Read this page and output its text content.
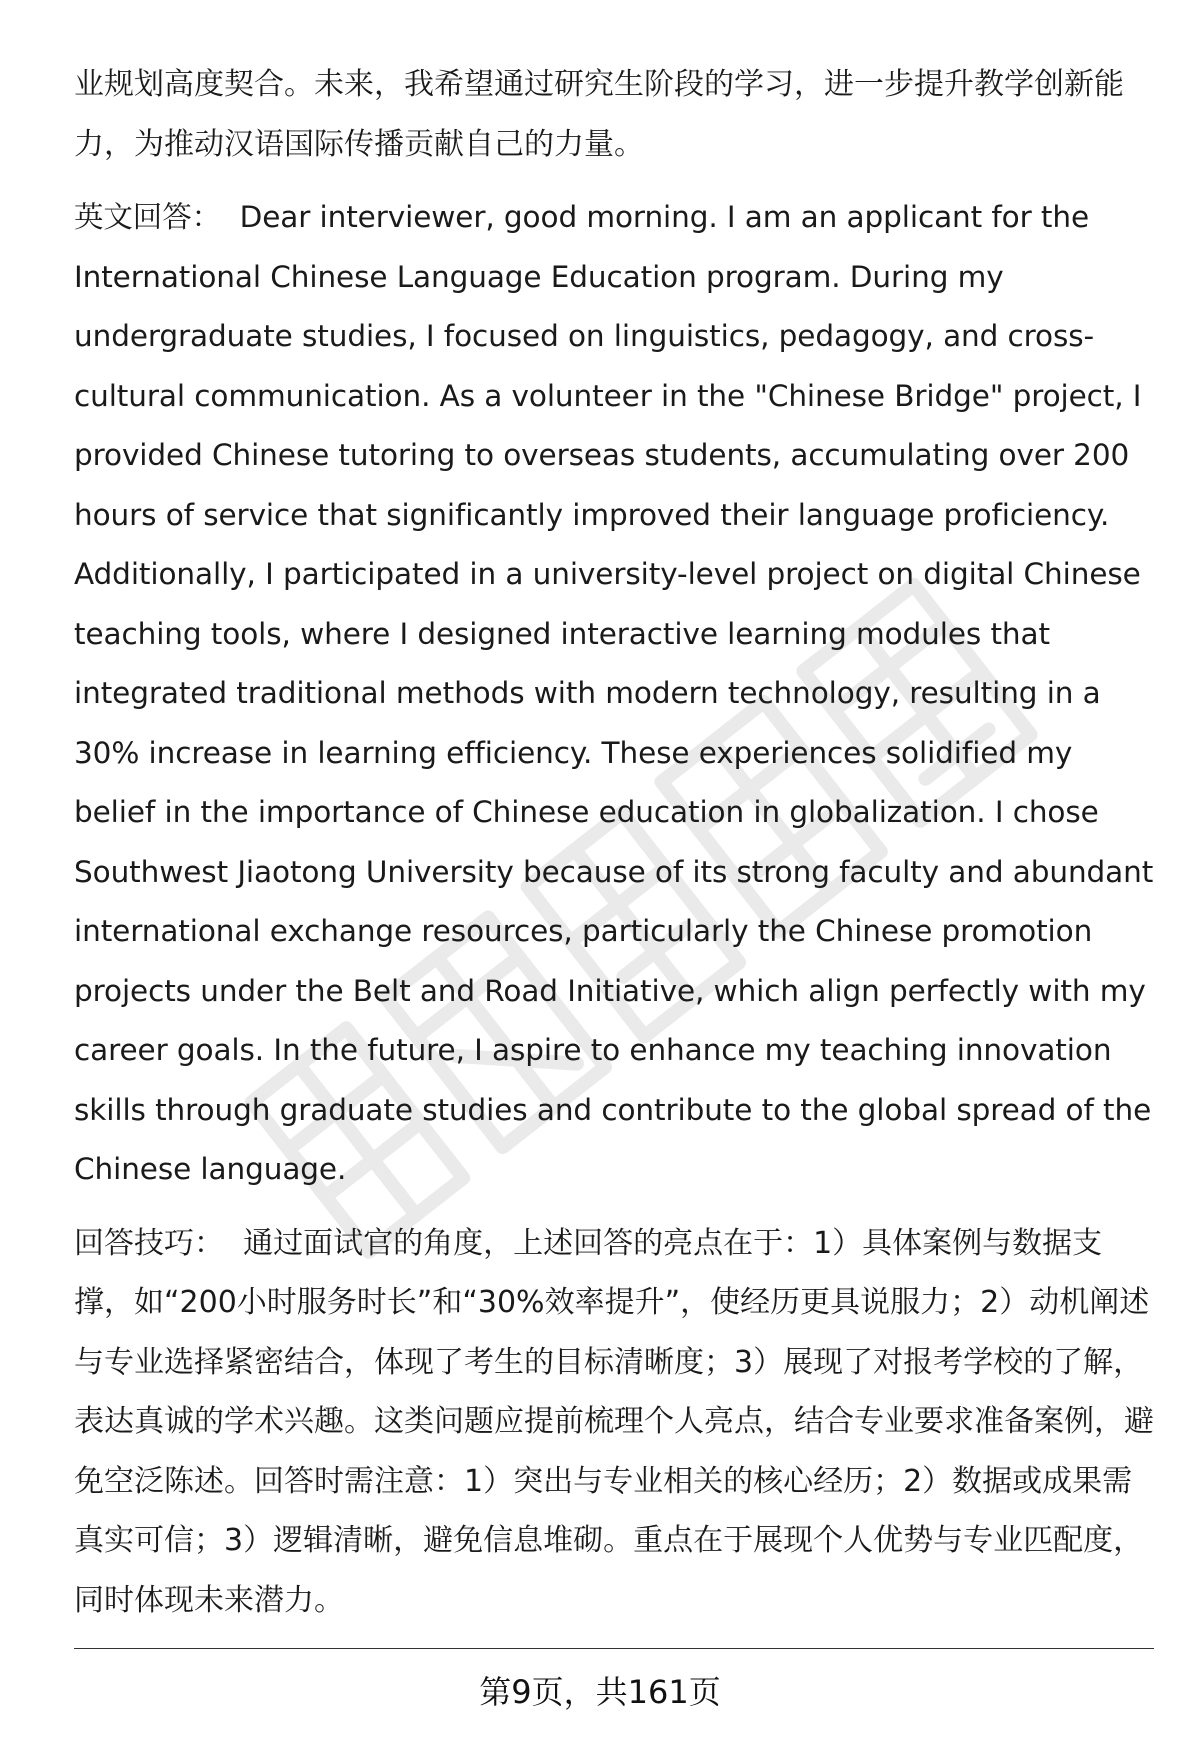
业规划高度契合。未来，我希望通过研究生阶段的学习，进一步提升教学创新能力，为推动汉语国际传播贡献自己的力量。

英文回答： Dear interviewer, good morning. I am an applicant for the International Chinese Language Education program. During my undergraduate studies, I focused on linguistics, pedagogy, and cross-cultural communication. As a volunteer in the "Chinese Bridge" project, I provided Chinese tutoring to overseas students, accumulating over 200 hours of service that significantly improved their language proficiency. Additionally, I participated in a university-level project on digital Chinese teaching tools, where I designed interactive learning modules that integrated traditional methods with modern technology, resulting in a 30% increase in learning efficiency. These experiences solidified my belief in the importance of Chinese education in globalization. I chose Southwest Jiaotong University because of its strong faculty and abundant international exchange resources, particularly the Chinese promotion projects under the Belt and Road Initiative, which align perfectly with my career goals. In the future, I aspire to enhance my teaching innovation skills through graduate studies and contribute to the global spread of the Chinese language.

回答技巧： 通过面试官的角度，上述回答的亮点在于：1）具体案例与数据支撑，如“200小时服务时长”和“30%效率提升”，使经历更具说服力；2）动机阐述与专业选择紧密结合，体现了考生的目标清晰度；3）展现了对报考学校的了解，表达真诚的学术兴趣。这类问题应提前梳理个人亮点，结合专业要求准备案例，避免空泛陈述。回答时需注意：1）突出与专业相关的核心经历；2）数据或成果需真实可信；3）逻辑清晰，避免信息堆砌。重点在于展现个人优势与专业匹配度，同时体现未来潜力。

第9页，共161页
